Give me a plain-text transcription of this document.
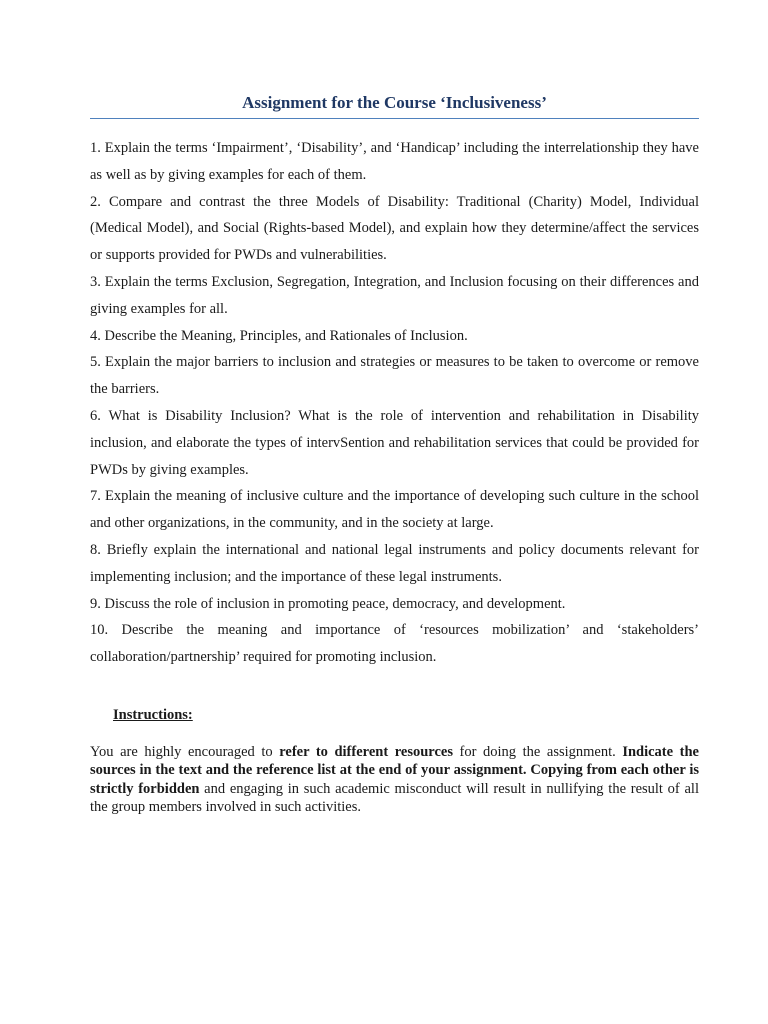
Assignment for the Course ‘Inclusiveness’
1. Explain the terms ‘Impairment’, ‘Disability’, and ‘Handicap’ including the interrelationship they have as well as by giving examples for each of them.
2. Compare and contrast the three Models of Disability: Traditional (Charity) Model, Individual (Medical Model), and Social (Rights-based Model), and explain how they determine/affect the services or supports provided for PWDs and vulnerabilities.
3. Explain the terms Exclusion, Segregation, Integration, and Inclusion focusing on their differences and giving examples for all.
4. Describe the Meaning, Principles, and Rationales of Inclusion.
5. Explain the major barriers to inclusion and strategies or measures to be taken to overcome or remove the barriers.
6. What is Disability Inclusion? What is the role of intervention and rehabilitation in Disability inclusion, and elaborate the types of intervSention and rehabilitation services that could be provided for PWDs by giving examples.
7. Explain the meaning of inclusive culture and the importance of developing such culture in the school and other organizations, in the community, and in the society at large.
8. Briefly explain the international and national legal instruments and policy documents relevant for implementing inclusion; and the importance of these legal instruments.
9. Discuss the role of inclusion in promoting peace, democracy, and development.
10. Describe the meaning and importance of ‘resources mobilization’ and ‘stakeholders’ collaboration/partnership’ required for promoting inclusion.
Instructions:

You are highly encouraged to refer to different resources for doing the assignment. Indicate the sources in the text and the reference list at the end of your assignment. Copying from each other is strictly forbidden and engaging in such academic misconduct will result in nullifying the result of all the group members involved in such activities.
